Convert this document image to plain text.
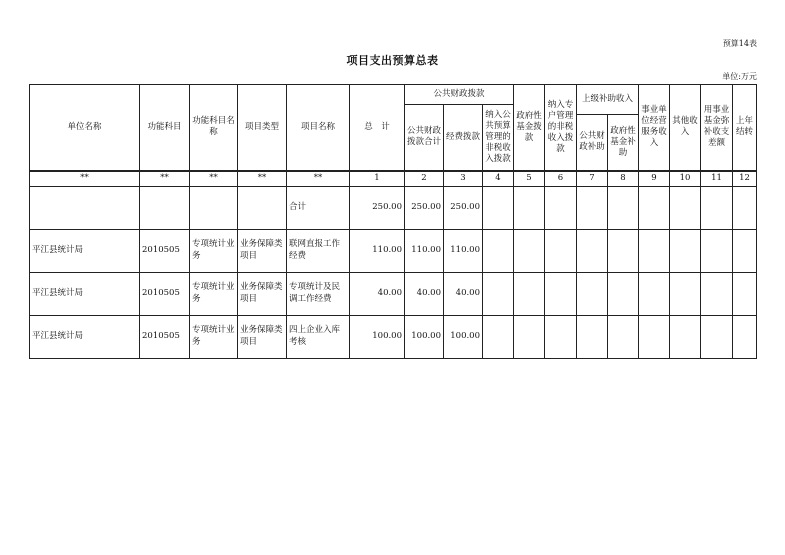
预算14表
项目支出预算总表
单位:万元
单位名称	功能科目	功能科目名称	项目类型	项目名称	总　计	公共财政拨款			政府性基金拨款	纳入专户管理的非税收入拨款	上级补助收入		事业单位经营服务收入	其他收入	用事业基金弥补收支差额	上年结转
						公共财政拨款合计	经费拨款	纳入公共预算管理的非税收入拨款								
											公共财政补助	政府性基金补助				
**	**	**	**	**	1	2	3	4	5	6	7	8	9	10	11	12
				合计	250.00	250.00	250.00									
平江县统计局	2010505	专项统计业务	业务保障类项目	联网直报工作经费	110.00	110.00	110.00									
平江县统计局	2010505	专项统计业务	业务保障类项目	专项统计及民调工作经费	40.00	40.00	40.00									
平江县统计局	2010505	专项统计业务	业务保障类项目	四上企业入库考核	100.00	100.00	100.00									
